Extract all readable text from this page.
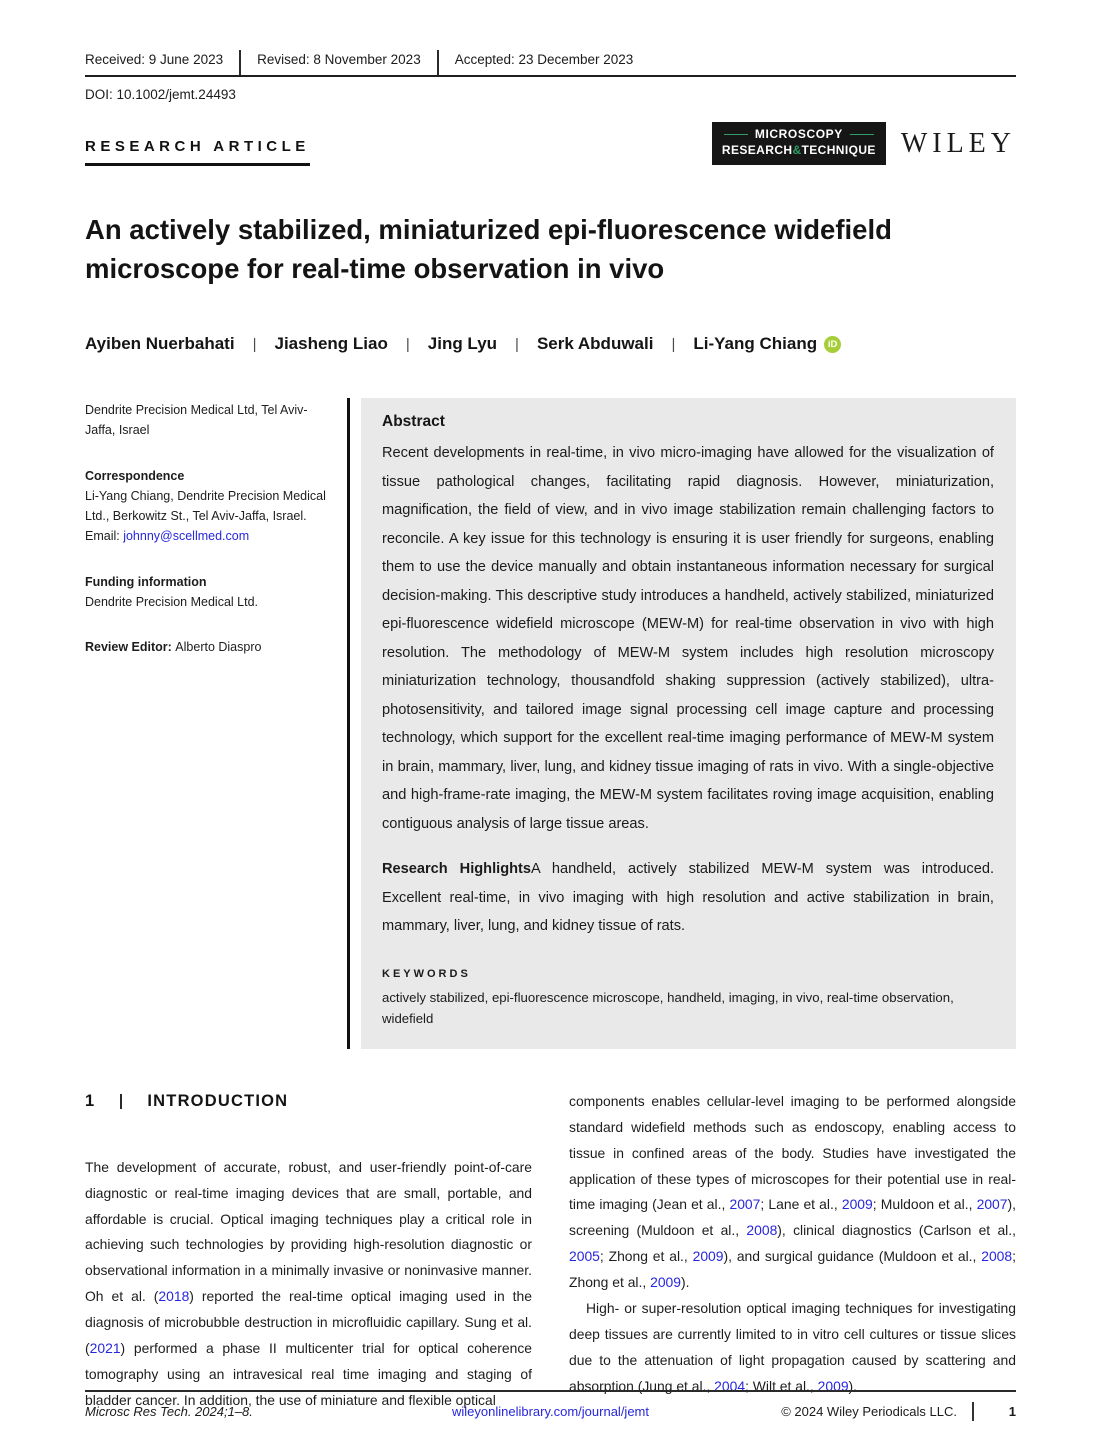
Received: 9 June 2023	Revised: 8 November 2023	Accepted: 23 December 2023
DOI: 10.1002/jemt.24493
RESEARCH ARTICLE
MICROSCOPY
RESEARCH&TECHNIQUE WILEY
An actively stabilized, miniaturized epi-fluorescence widefield microscope for real-time observation in vivo
Ayiben Nuerbahati | Jiasheng Liao | Jing Lyu | Serk Abduwali | Li-Yang Chiang	iD
Dendrite Precision Medical Ltd, Tel Aviv-Jaffa, Israel
Correspondence
Li-Yang Chiang, Dendrite Precision Medical Ltd., Berkowitz St., Tel Aviv-Jaffa, Israel.
Email: johnny@scellmed.com
Funding information
Dendrite Precision Medical Ltd.
Review Editor: Alberto Diaspro
Abstract
Recent developments in real-time, in vivo micro-imaging have allowed for the visualization of tissue pathological changes, facilitating rapid diagnosis. However, miniaturization, magnification, the field of view, and in vivo image stabilization remain challenging factors to reconcile. A key issue for this technology is ensuring it is user friendly for surgeons, enabling them to use the device manually and obtain instantaneous information necessary for surgical decision-making. This descriptive study introduces a handheld, actively stabilized, miniaturized epi-fluorescence widefield microscope (MEW-M) for real-time observation in vivo with high resolution. The methodology of MEW-M system includes high resolution microscopy miniaturization technology, thousandfold shaking suppression (actively stabilized), ultra-photosensitivity, and tailored image signal processing cell image capture and processing technology, which support for the excellent real-time imaging performance of MEW-M system in brain, mammary, liver, lung, and kidney tissue imaging of rats in vivo. With a single-objective and high-frame-rate imaging, the MEW-M system facilitates roving image acquisition, enabling contiguous analysis of large tissue areas.
Research HighlightsA handheld, actively stabilized MEW-M system was introduced. Excellent real-time, in vivo imaging with high resolution and active stabilization in brain, mammary, liver, lung, and kidney tissue of rats.
KEYWORDS
actively stabilized, epi-fluorescence microscope, handheld, imaging, in vivo, real-time observation, widefield
1	INTRODUCTION
The development of accurate, robust, and user-friendly point-of-care diagnostic or real-time imaging devices that are small, portable, and affordable is crucial. Optical imaging techniques play a critical role in achieving such technologies by providing high-resolution diagnostic or observational information in a minimally invasive or noninvasive manner. Oh et al. (2018) reported the real-time optical imaging used in the diagnosis of microbubble destruction in microfluidic capillary. Sung et al. (2021) performed a phase II multicenter trial for optical coherence tomography using an intravesical real time imaging and staging of bladder cancer. In addition, the use of miniature and flexible optical
components enables cellular-level imaging to be performed alongside standard widefield methods such as endoscopy, enabling access to tissue in confined areas of the body. Studies have investigated the application of these types of microscopes for their potential use in real-time imaging (Jean et al., 2007; Lane et al., 2009; Muldoon et al., 2007), screening (Muldoon et al., 2008), clinical diagnostics (Carlson et al., 2005; Zhong et al., 2009), and surgical guidance (Muldoon et al., 2008; Zhong et al., 2009).
High- or super-resolution optical imaging techniques for investigating deep tissues are currently limited to in vitro cell cultures or tissue slices due to the attenuation of light propagation caused by scattering and absorption (Jung et al., 2004; Wilt et al., 2009).
Microsc Res Tech. 2024;1–8.	wileyonlinelibrary.com/journal/jemt	© 2024 Wiley Periodicals LLC.	1
